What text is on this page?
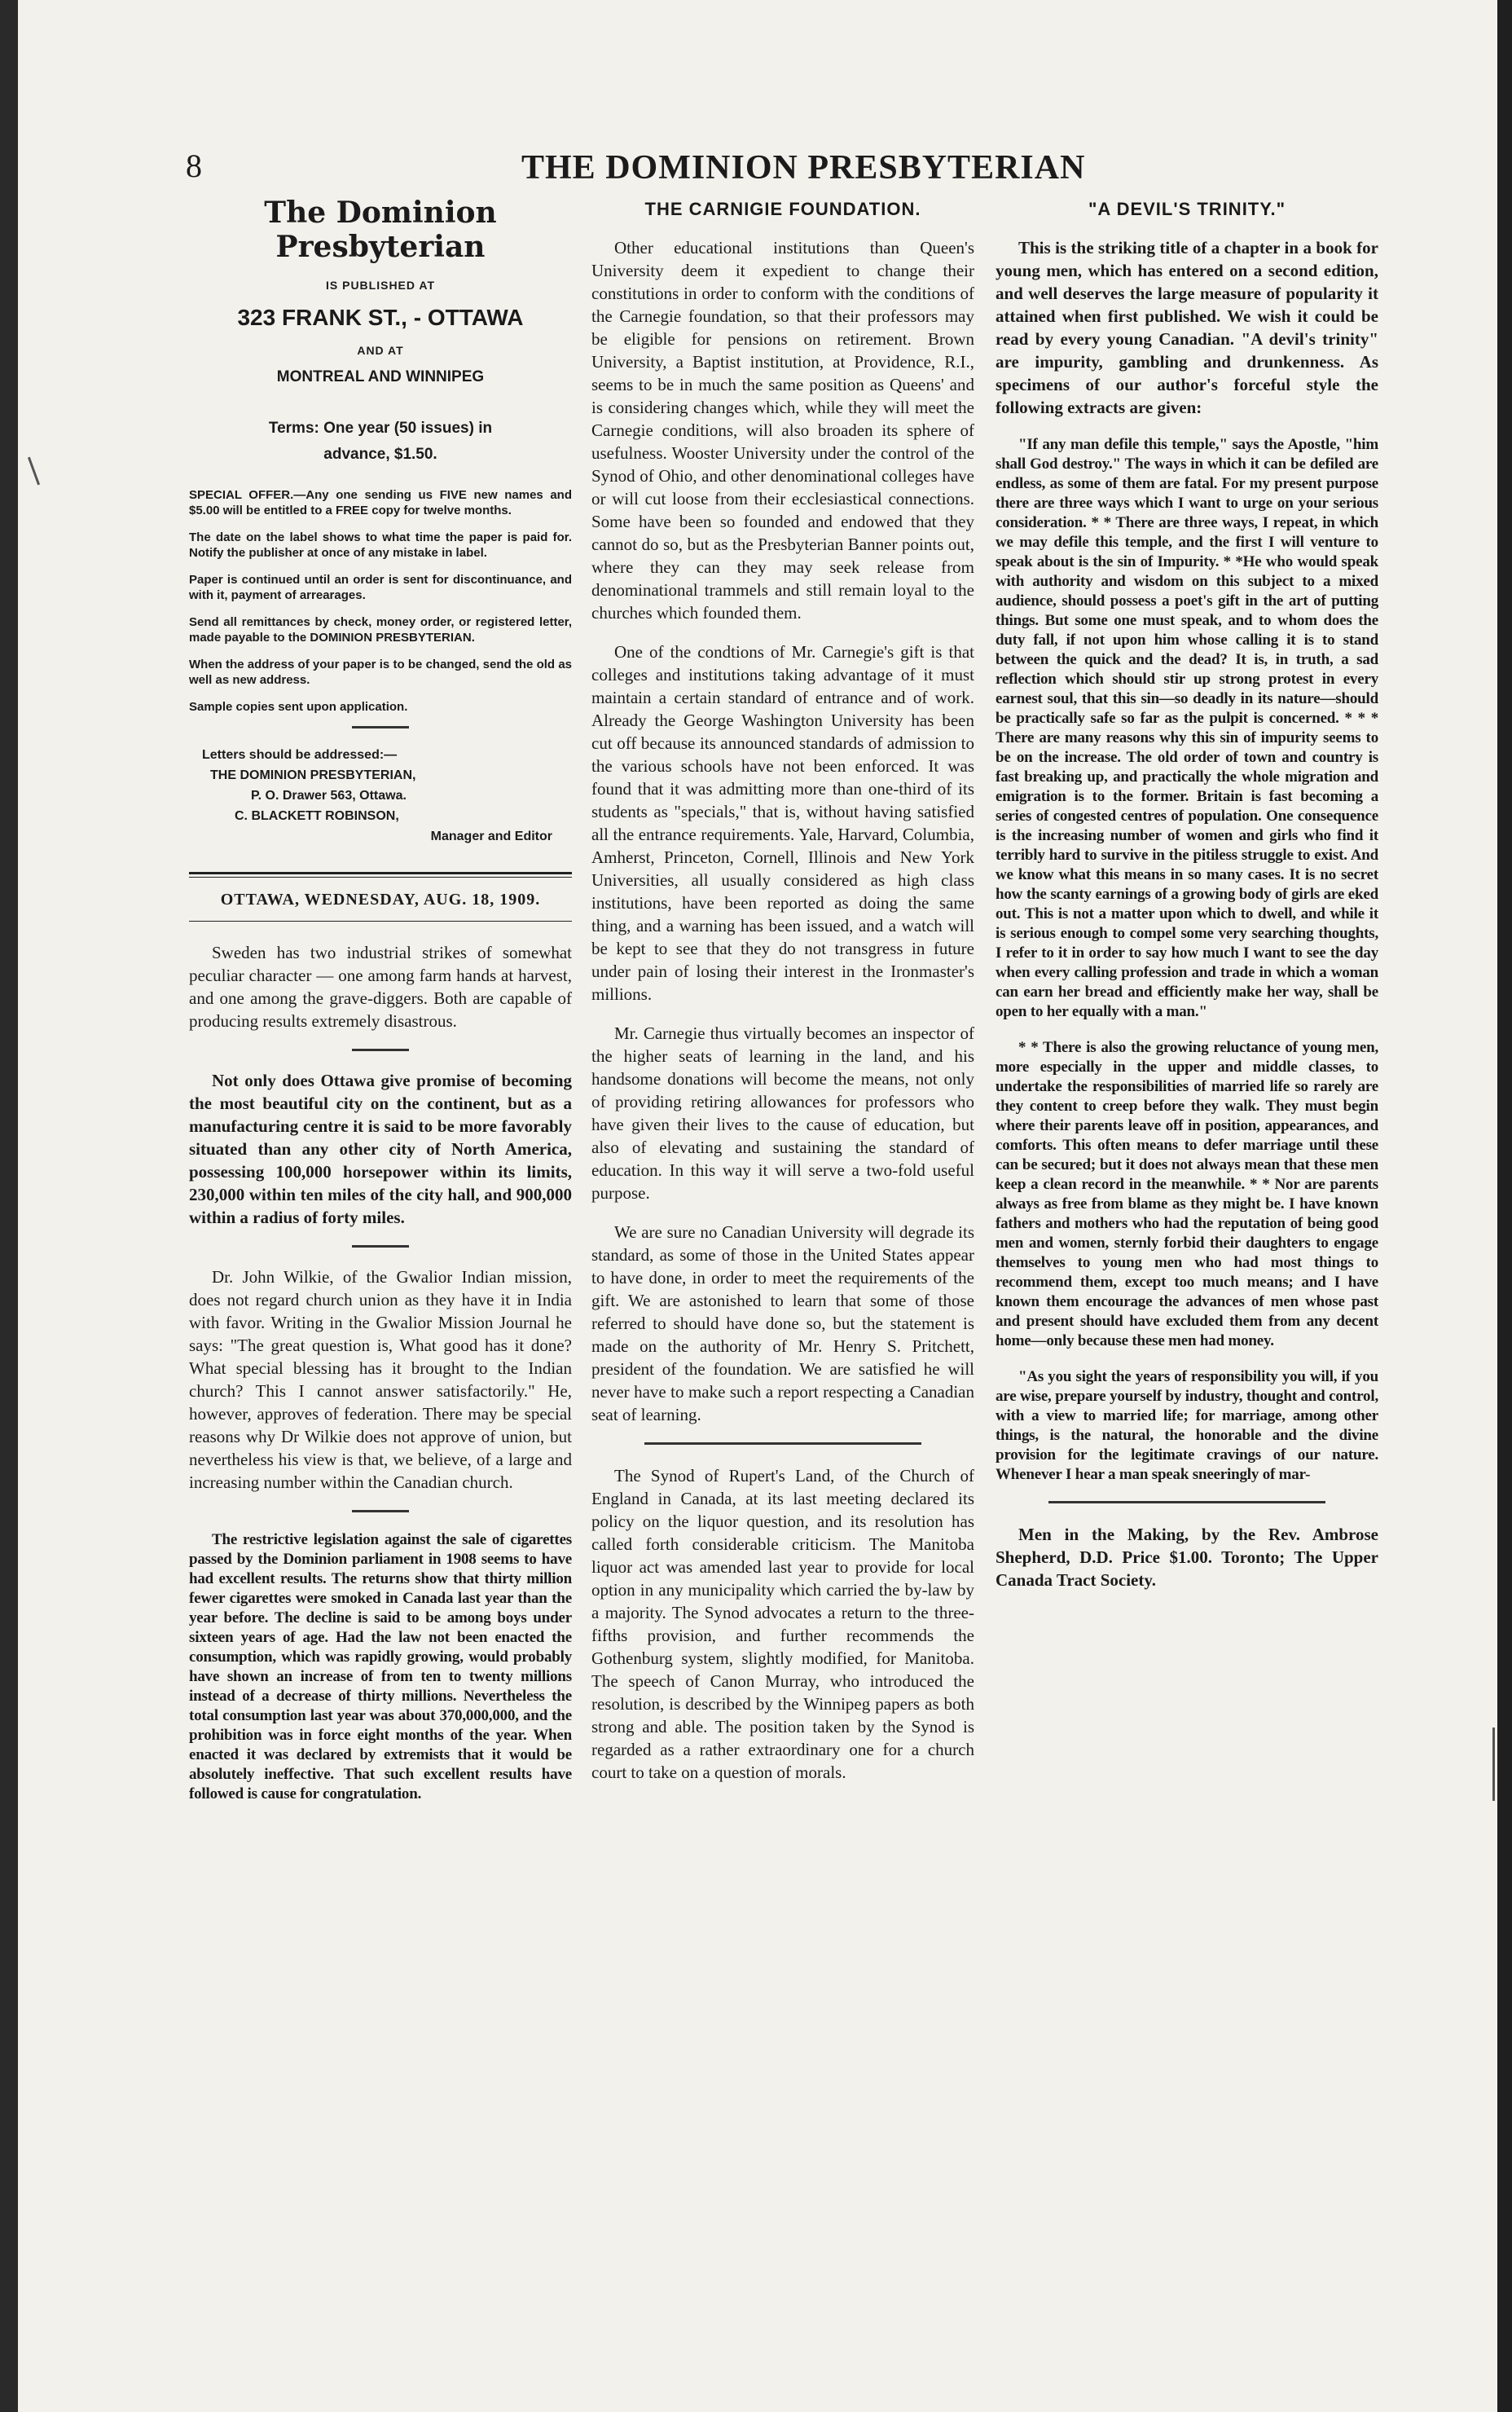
8	THE DOMINION PRESBYTERIAN
The Dominion Presbyterian
IS PUBLISHED AT
323 FRANK ST., - OTTAWA
AND AT
MONTREAL AND WINNIPEG
Terms: One year (50 issues) in
advance, $1.50.

SPECIAL OFFER.—Any one sending us FIVE new names and $5.00 will be entitled to a FREE copy for twelve months.

The date on the label shows to what time the paper is paid for. Notify the publisher at once of any mistake in label.

Paper is continued until an order is sent for discontinuance, and with it, payment of arrearages.

Send all remittances by check, money order, or registered letter, made payable to the DOMINION PRESBYTERIAN.

When the address of your paper is to be changed, send the old as well as new address.

Sample copies sent upon application.

Letters should be addressed:—
THE DOMINION PRESBYTERIAN,
P. O. Drawer 563, Ottawa.
C. BLACKETT ROBINSON,
Manager and Editor
OTTAWA, WEDNESDAY, AUG. 18, 1909.

Sweden has two industrial strikes of somewhat peculiar character — one among farm hands at harvest, and one among the grave-diggers. Both are capable of producing results extremely disastrous.

Not only does Ottawa give promise of becoming the most beautiful city on the continent, but as a manufacturing centre it is said to be more favorably situated than any other city of North America, possessing 100,000 horsepower within its limits, 230,000 within ten miles of the city hall, and 900,000 within a radius of forty miles.

Dr. John Wilkie, of the Gwalior Indian mission, does not regard church union as they have it in India with favor. Writing in the Gwalior Mission Journal he says: "The great question is, What good has it done? What special blessing has it brought to the Indian church? This I cannot answer satisfactorily." He, however, approves of federation. There may be special reasons why Dr Wilkie does not approve of union, but nevertheless his view is that, we believe, of a large and increasing number within the Canadian church.

The restrictive legislation against the sale of cigarettes passed by the Dominion parliament in 1908 seems to have had excellent results. The returns show that thirty million fewer cigarettes were smoked in Canada last year than the year before. The decline is said to be among boys under sixteen years of age. Had the law not been enacted the consumption, which was rapidly growing, would probably have shown an increase of from ten to twenty millions instead of a decrease of thirty millions. Nevertheless the total consumption last year was about 370,000,000, and the prohibition was in force eight months of the year. When enacted it was declared by extremists that it would be absolutely ineffective. That such excellent results have followed is cause for congratulation.

THE CARNIGIE FOUNDATION.

Other educational institutions than Queen's University deem it expedient to change their constitutions in order to conform with the conditions of the Carnegie foundation, so that their professors may be eligible for pensions on retirement. Brown University, a Baptist institution, at Providence, R.I., seems to be in much the same position as Queens' and is considering changes which, while they will meet the Carnegie conditions, will also broaden its sphere of usefulness. Wooster University under the control of the Synod of Ohio, and other denominational colleges have or will cut loose from their ecclesiastical connections. Some have been so founded and endowed that they cannot do so, but as the Presbyterian Banner points out, where they can they may seek release from denominational trammels and still remain loyal to the churches which founded them.

One of the condtions of Mr. Carnegie's gift is that colleges and institutions taking advantage of it must maintain a certain standard of entrance and of work. Already the George Washington University has been cut off because its announced standards of admission to the various schools have not been enforced. It was found that it was admitting more than one-third of its students as "specials," that is, without having satisfied all the entrance requirements. Yale, Harvard, Columbia, Amherst, Princeton, Cornell, Illinois and New York Universities, all usually considered as high class institutions, have been reported as doing the same thing, and a warning has been issued, and a watch will be kept to see that they do not transgress in future under pain of losing their interest in the Ironmaster's millions.

Mr. Carnegie thus virtually becomes an inspector of the higher seats of learning in the land, and his handsome donations will become the means, not only of providing retiring allowances for professors who have given their lives to the cause of education, but also of elevating and sustaining the standard of education. In this way it will serve a two-fold useful purpose.

We are sure no Canadian University will degrade its standard, as some of those in the United States appear to have done, in order to meet the requirements of the gift. We are astonished to learn that some of those referred to should have done so, but the statement is made on the authority of Mr. Henry S. Pritchett, president of the foundation. We are satisfied he will never have to make such a report respecting a Canadian seat of learning.

The Synod of Rupert's Land, of the Church of England in Canada, at its last meeting declared its policy on the liquor question, and its resolution has called forth considerable criticism. The Manitoba liquor act was amended last year to provide for local option in any municipality which carried the by-law by a majority. The Synod advocates a return to the three-fifths provision, and further recommends the Gothenburg system, slightly modified, for Manitoba. The speech of Canon Murray, who introduced the resolution, is described by the Winnipeg papers as both strong and able. The position taken by the Synod is regarded as a rather extraordinary one for a church court to take on a question of morals.

"A DEVIL'S TRINITY."

This is the striking title of a chapter in a book for young men, which has entered on a second edition, and well deserves the large measure of popularity it attained when first published. We wish it could be read by every young Canadian. "A devil's trinity" are impurity, gambling and drunkenness. As specimens of our author's forceful style the following extracts are given:

"If any man defile this temple," says the Apostle, "him shall God destroy." The ways in which it can be defiled are endless, as some of them are fatal. For my present purpose there are three ways which I want to urge on your serious consideration. * * There are three ways, I repeat, in which we may defile this temple, and the first I will venture to speak about is the sin of Impurity. * *He who would speak with authority and wisdom on this subject to a mixed audience, should possess a poet's gift in the art of putting things. But some one must speak, and to whom does the duty fall, if not upon him whose calling it is to stand between the quick and the dead? It is, in truth, a sad reflection which should stir up strong protest in every earnest soul, that this sin—so deadly in its nature—should be practically safe so far as the pulpit is concerned. * * * There are many reasons why this sin of impurity seems to be on the increase. The old order of town and country is fast breaking up, and practically the whole migration and emigration is to the former. Britain is fast becoming a series of congested centres of population. One consequence is the increasing number of women and girls who find it terribly hard to survive in the pitiless struggle to exist. And we know what this means in so many cases. It is no secret how the scanty earnings of a growing body of girls are eked out. This is not a matter upon which to dwell, and while it is serious enough to compel some very searching thoughts, I refer to it in order to say how much I want to see the day when every calling profession and trade in which a woman can earn her bread and efficiently make her way, shall be open to her equally with a man."

* * There is also the growing reluctance of young men, more especially in the upper and middle classes, to undertake the responsibilities of married life so rarely are they content to creep before they walk. They must begin where their parents leave off in position, appearances, and comforts. This often means to defer marriage until these can be secured; but it does not always mean that these men keep a clean record in the meanwhile. * * Nor are parents always as free from blame as they might be. I have known fathers and mothers who had the reputation of being good men and women, sternly forbid their daughters to engage themselves to young men who had most things to recommend them, except too much means; and I have known them encourage the advances of men whose past and present should have excluded them from any decent home—only because these men had money.

"As you sight the years of responsibility you will, if you are wise, prepare yourself by industry, thought and control, with a view to married life; for marriage, among other things, is the natural, the honorable and the divine provision for the legitimate cravings of our nature. Whenever I hear a man speak sneeringly of mar-

Men in the Making, by the Rev. Ambrose Shepherd, D.D. Price $1.00. Toronto; The Upper Canada Tract Society.
